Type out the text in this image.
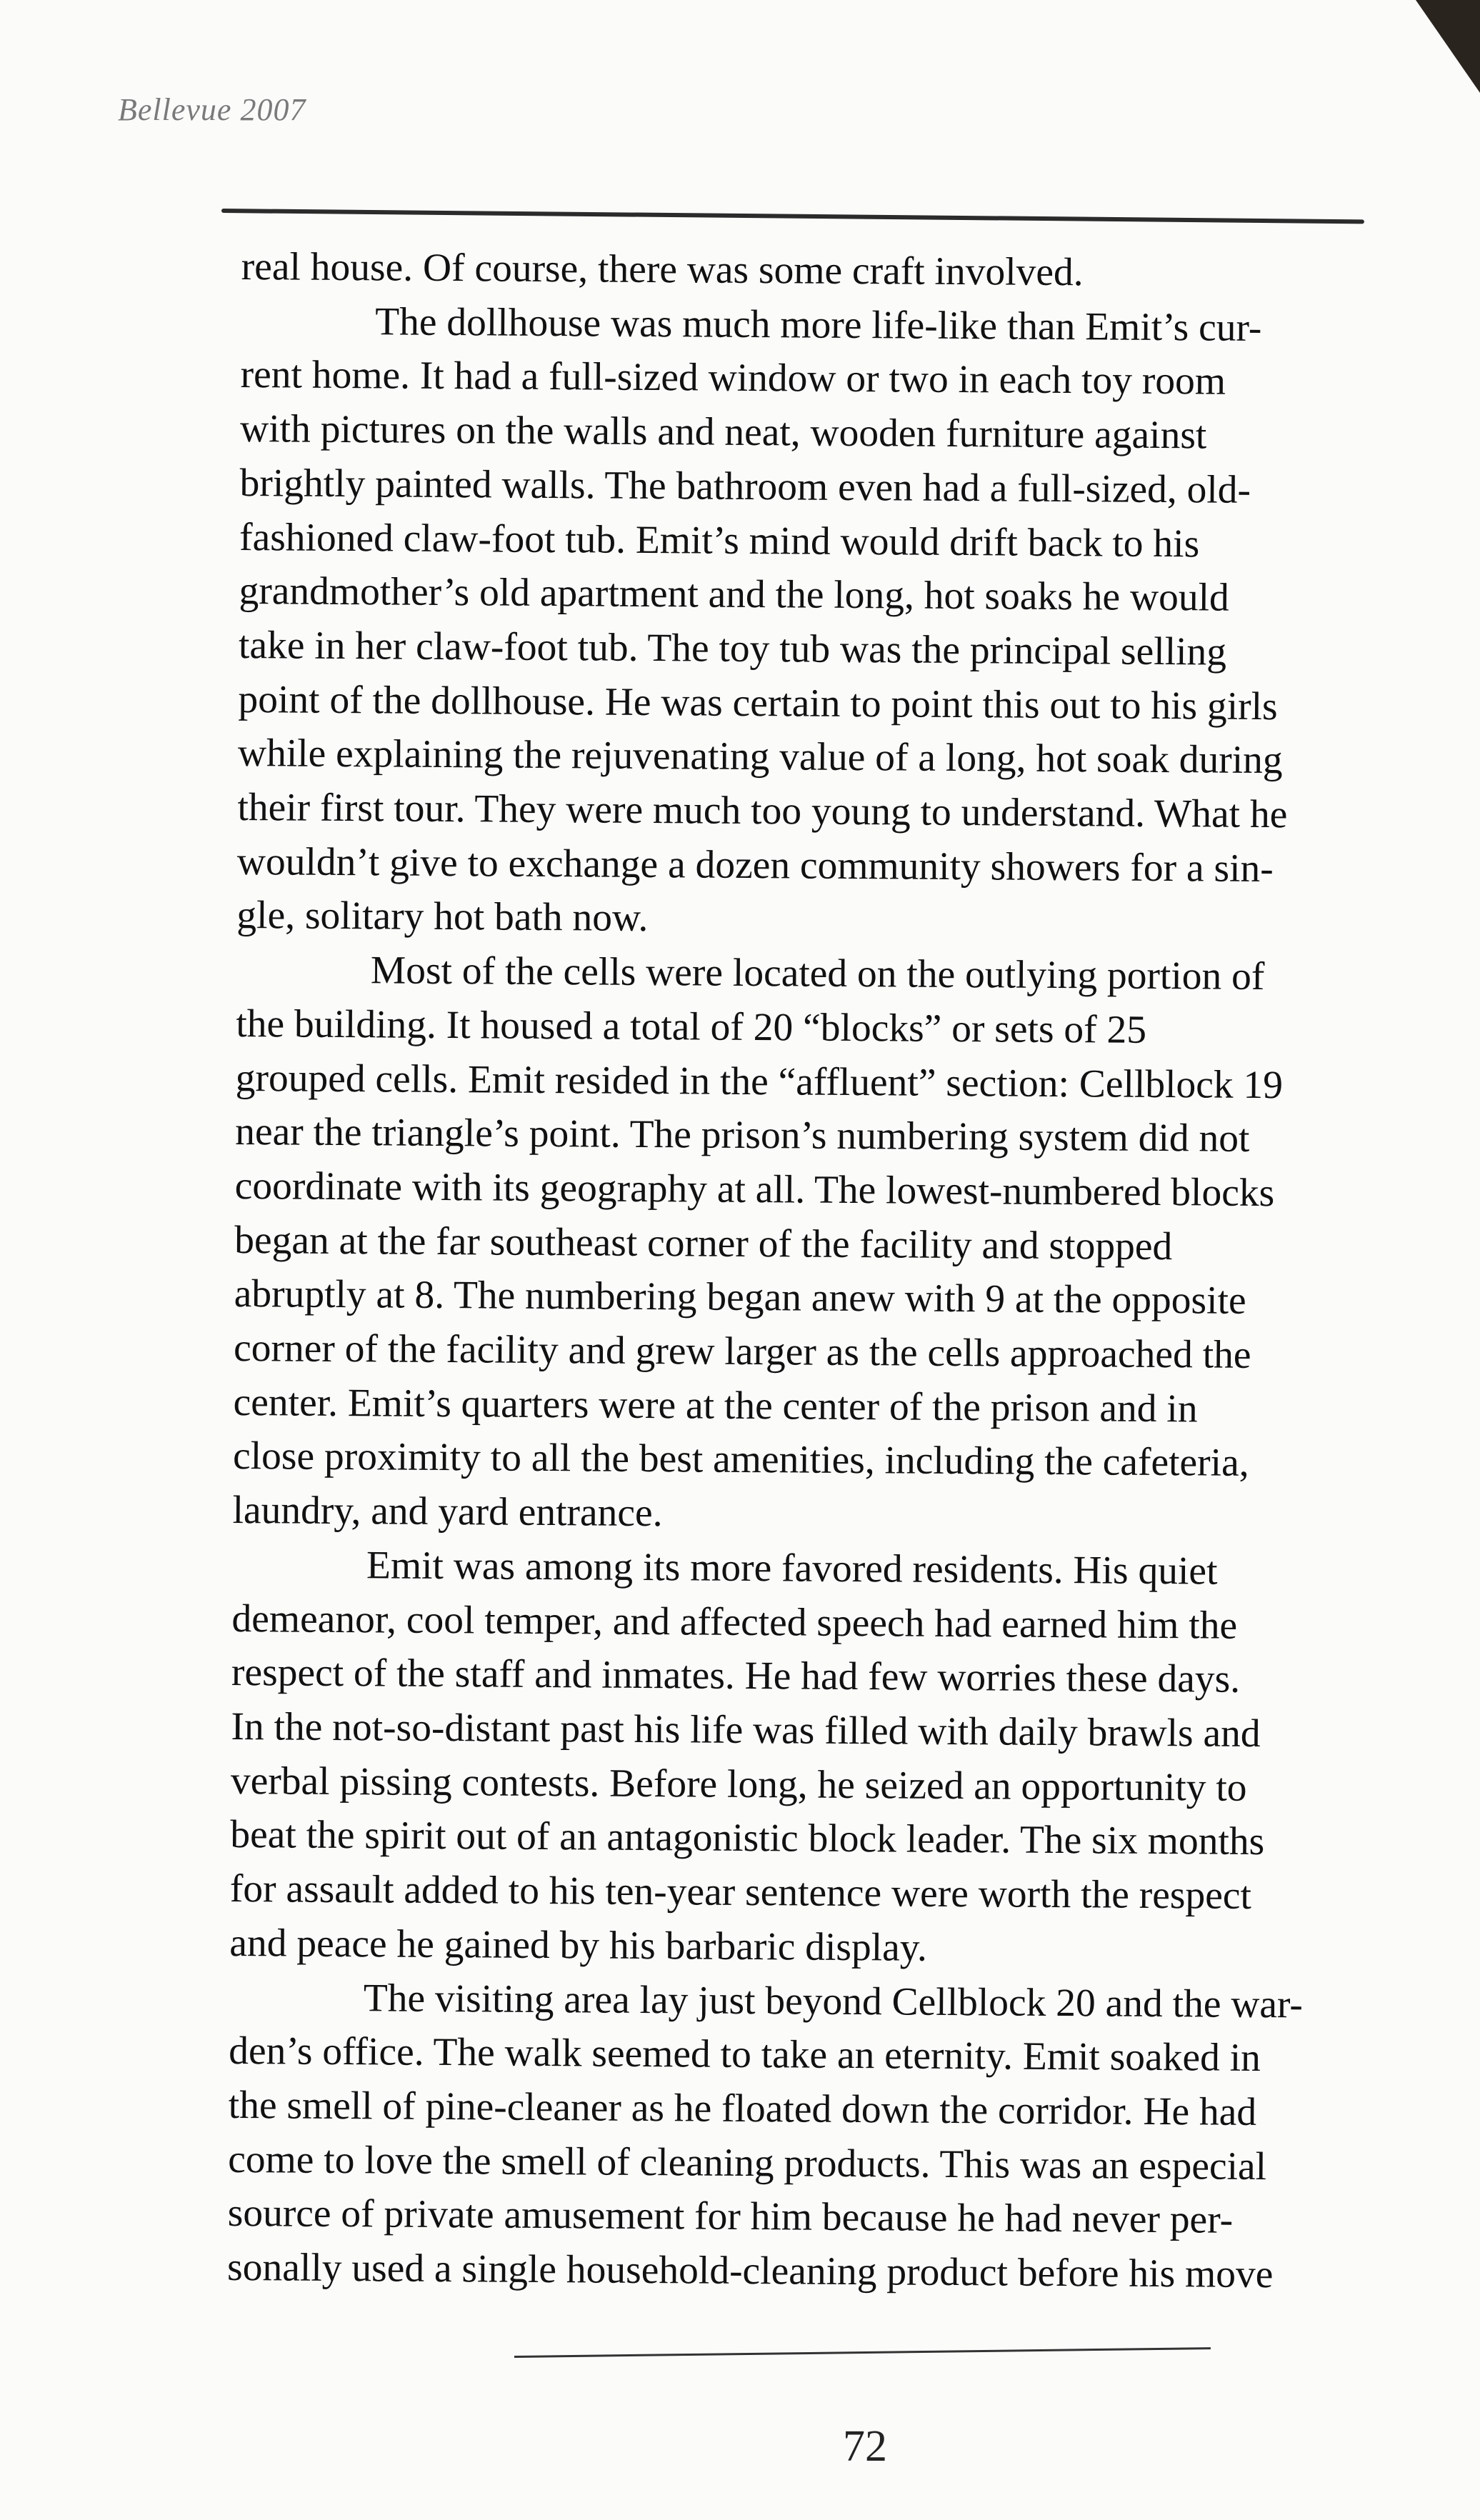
Bellevue 2007
real house. Of course, there was some craft involved.
The dollhouse was much more life-like than Emit’s cur-
rent home. It had a full-sized window or two in each toy room
with pictures on the walls and neat, wooden furniture against
brightly painted walls. The bathroom even had a full-sized, old-
fashioned claw-foot tub. Emit’s mind would drift back to his
grandmother’s old apartment and the long, hot soaks he would
take in her claw-foot tub. The toy tub was the principal selling
point of the dollhouse. He was certain to point this out to his girls
while explaining the rejuvenating value of a long, hot soak during
their first tour. They were much too young to understand. What he
wouldn’t give to exchange a dozen community showers for a sin-
gle, solitary hot bath now.
Most of the cells were located on the outlying portion of
the building. It housed a total of 20 “blocks” or sets of 25
grouped cells. Emit resided in the “affluent” section: Cellblock 19
near the triangle’s point. The prison’s numbering system did not
coordinate with its geography at all. The lowest-numbered blocks
began at the far southeast corner of the facility and stopped
abruptly at 8. The numbering began anew with 9 at the opposite
corner of the facility and grew larger as the cells approached the
center. Emit’s quarters were at the center of the prison and in
close proximity to all the best amenities, including the cafeteria,
laundry, and yard entrance.
Emit was among its more favored residents. His quiet
demeanor, cool temper, and affected speech had earned him the
respect of the staff and inmates. He had few worries these days.
In the not-so-distant past his life was filled with daily brawls and
verbal pissing contests. Before long, he seized an opportunity to
beat the spirit out of an antagonistic block leader. The six months
for assault added to his ten-year sentence were worth the respect
and peace he gained by his barbaric display.
The visiting area lay just beyond Cellblock 20 and the war-
den’s office. The walk seemed to take an eternity. Emit soaked in
the smell of pine-cleaner as he floated down the corridor. He had
come to love the smell of cleaning products. This was an especial
source of private amusement for him because he had never per-
sonally used a single household-cleaning product before his move
72
